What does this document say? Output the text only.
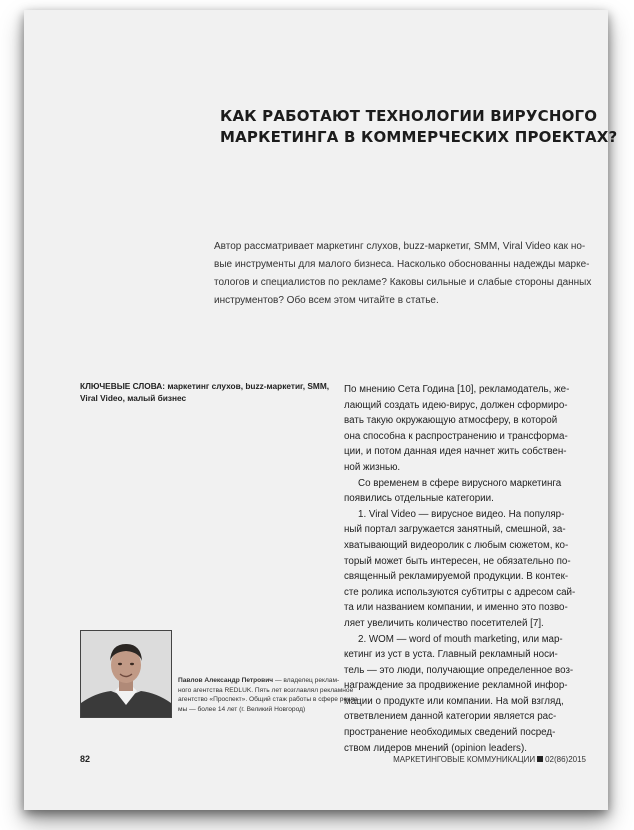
КАК РАБОТАЮТ ТЕХНОЛОГИИ ВИРУСНОГО
МАРКЕТИНГА В КОММЕРЧЕСКИХ ПРОЕКТАХ?
Автор рассматривает маркетинг слухов, buzz-маркетиг, SMM, Viral Video как но-
вые инструменты для малого бизнеса. Насколько обоснованны надежды марке-
тологов и специалистов по рекламе? Каковы сильные и слабые стороны данных
инструментов? Обо всем этом читайте в статье.
КЛЮЧЕВЫЕ СЛОВА: маркетинг слухов, buzz-маркетиг, SMM,
Viral Video, малый бизнес
По мнению Сета Година [10], рекламодатель, же-
лающий создать идею-вирус, должен сформиро-
вать такую окружающую атмосферу, в которой
она способна к распространению и трансформа-
ции, и потом данная идея начнет жить собствен-
ной жизнью.
Со временем в сфере вирусного маркетинга
появились отдельные категории.
1. Viral Video — вирусное видео. На популяр-
ный портал загружается занятный, смешной, за-
хватывающий видеоролик с любым сюжетом, ко-
торый может быть интересен, не обязательно по-
священный рекламируемой продукции. В контек-
сте ролика используются субтитры с адресом сай-
та или названием компании, и именно это позво-
ляет увеличить количество посетителей [7].
2. WOM — word of mouth marketing, или мар-
кетинг из уст в уста. Главный рекламный носи-
тель — это люди, получающие определенное воз-
награждение за продвижение рекламной инфор-
мации о продукте или компании. На мой взгляд,
ответвлением данной категории является рас-
пространение необходимых сведений посред-
ством лидеров мнений (opinion leaders).
Павлов Александр Петрович — владелец реклам-
ного агентства REDLUK. Пять лет возглавлял рекламное
агентство «Проспект». Общий стаж работы в сфере рекла-
мы — более 14 лет (г. Великий Новгород)
82	МАРКЕТИНГОВЫЕ КОММУНИКАЦИИ 02(86)2015
